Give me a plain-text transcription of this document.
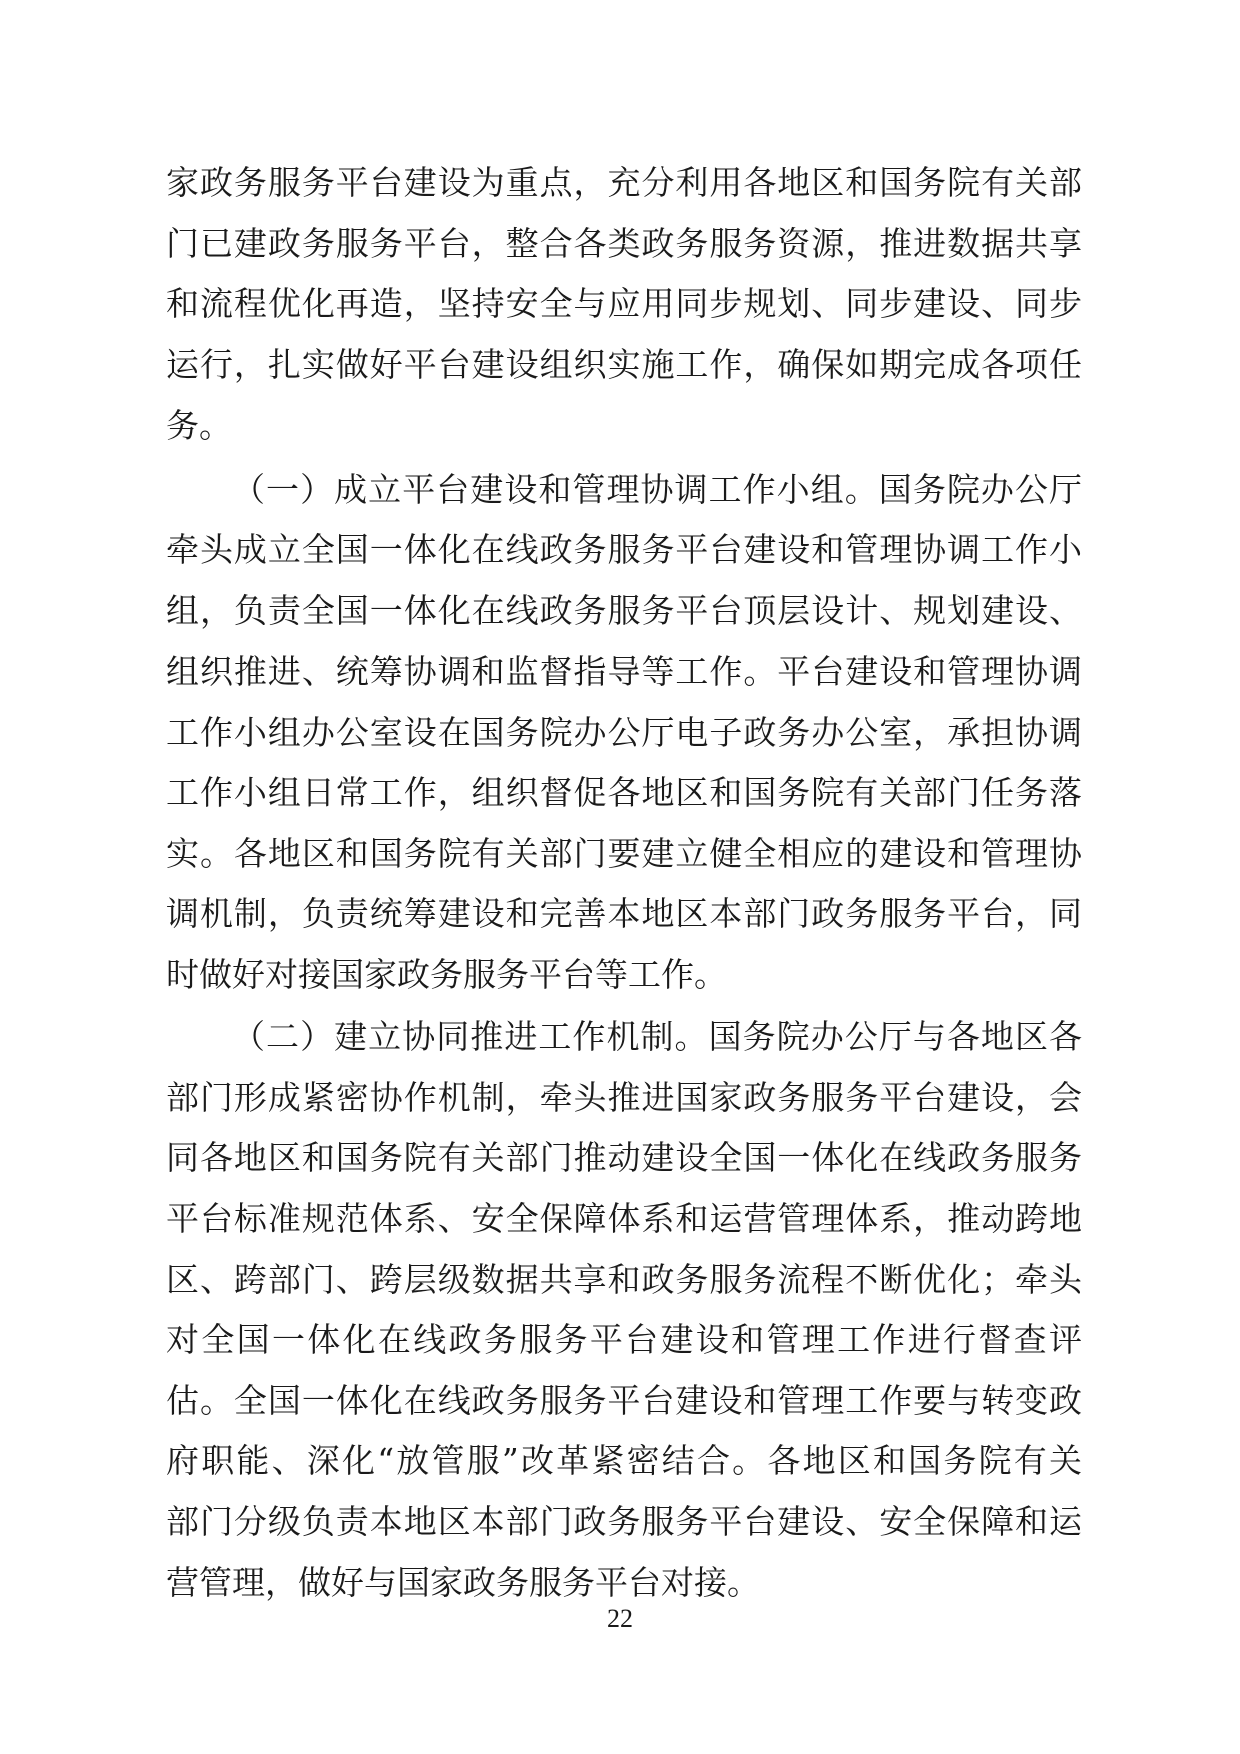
家政务服务平台建设为重点，充分利用各地区和国务院有关部
门已建政务服务平台，整合各类政务服务资源，推进数据共享
和流程优化再造，坚持安全与应用同步规划、同步建设、同步
运行，扎实做好平台建设组织实施工作，确保如期完成各项任
务。
（一）成立平台建设和管理协调工作小组。国务院办公厅
牵头成立全国一体化在线政务服务平台建设和管理协调工作小
组，负责全国一体化在线政务服务平台顶层设计、规划建设、
组织推进、统筹协调和监督指导等工作。平台建设和管理协调
工作小组办公室设在国务院办公厅电子政务办公室，承担协调
工作小组日常工作，组织督促各地区和国务院有关部门任务落
实。各地区和国务院有关部门要建立健全相应的建设和管理协
调机制，负责统筹建设和完善本地区本部门政务服务平台，同
时做好对接国家政务服务平台等工作。
（二）建立协同推进工作机制。国务院办公厅与各地区各
部门形成紧密协作机制，牵头推进国家政务服务平台建设，会
同各地区和国务院有关部门推动建设全国一体化在线政务服务
平台标准规范体系、安全保障体系和运营管理体系，推动跨地
区、跨部门、跨层级数据共享和政务服务流程不断优化；牵头
对全国一体化在线政务服务平台建设和管理工作进行督查评
估。全国一体化在线政务服务平台建设和管理工作要与转变政
府职能、深化“放管服”改革紧密结合。各地区和国务院有关
部门分级负责本地区本部门政务服务平台建设、安全保障和运
营管理，做好与国家政务服务平台对接。
22
